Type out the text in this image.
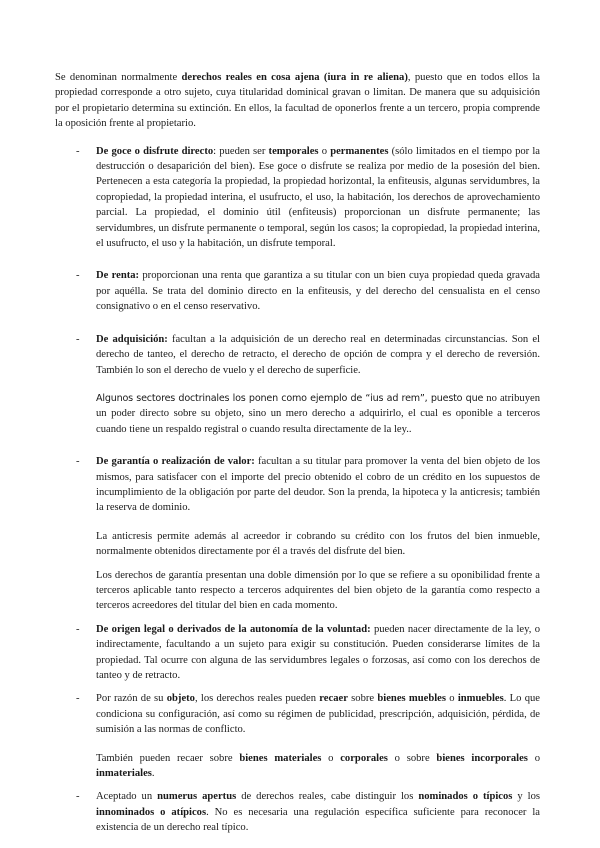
Se denominan normalmente derechos reales en cosa ajena (iura in re aliena), puesto que en todos ellos la propiedad corresponde a otro sujeto, cuya titularidad dominical gravan o limitan. De manera que su adquisición por el propietario determina su extinción. En ellos, la facultad de oponerlos frente a un tercero, propia comprende la oposición frente al propietario.

- De goce o disfrute directo: pueden ser temporales o permanentes (sólo limitados en el tiempo por la destrucción o desaparición del bien). Ese goce o disfrute se realiza por medio de la posesión del bien. Pertenecen a esta categoría la propiedad, la propiedad horizontal, la enfiteusis, algunas servidumbres, la copropiedad, la propiedad interina, el usufructo, el uso, la habitación, los derechos de aprovechamiento parcial. La propiedad, el dominio útil (enfiteusis) proporcionan un disfrute permanente; las servidumbres, un disfrute permanente o temporal, según los casos; la copropiedad, la propiedad interina, el usufructo, el uso y la habitación, un disfrute temporal.

- De renta: proporcionan una renta que garantiza a su titular con un bien cuya propiedad queda gravada por aquélla. Se trata del dominio directo en la enfiteusis, y del derecho del censualista en el censo consignativo o en el censo reservativo.

- De adquisición: facultan a la adquisición de un derecho real en determinadas circunstancias. Son el derecho de tanteo, el derecho de retracto, el derecho de opción de compra y el derecho de reversión. También lo son el derecho de vuelo y el derecho de superficie.

Algunos sectores doctrinales los ponen como ejemplo de “ius ad rem”, puesto que no atribuyen un poder directo sobre su objeto, sino un mero derecho a adquirirlo, el cual es oponible a terceros cuando tiene un respaldo registral o cuando resulta directamente de la ley..

- De garantía o realización de valor: facultan a su titular para promover la venta del bien objeto de los mismos, para satisfacer con el importe del precio obtenido el cobro de un crédito en los supuestos de incumplimiento de la obligación por parte del deudor. Son la prenda, la hipoteca y la anticresis; también la reserva de dominio.

La anticresis permite además al acreedor ir cobrando su crédito con los frutos del bien inmueble, normalmente obtenidos directamente por él a través del disfrute del bien.

Los derechos de garantía presentan una doble dimensión por lo que se refiere a su oponibilidad frente a terceros aplicable tanto respecto a terceros adquirentes del bien objeto de la garantía como respecto a terceros acreedores del titular del bien en cada momento.

- De origen legal o derivados de la autonomía de la voluntad: pueden nacer directamente de la ley, o indirectamente, facultando a un sujeto para exigir su constitución. Pueden considerarse límites de la propiedad. Tal ocurre con alguna de las servidumbres legales o forzosas, así como con los derechos de tanteo y de retracto.

- Por razón de su objeto, los derechos reales pueden recaer sobre bienes muebles o inmuebles. Lo que condiciona su configuración, así como su régimen de publicidad, prescripción, adquisición, pérdida, de sumisión a las normas de conflicto.

También pueden recaer sobre bienes materiales o corporales o sobre bienes incorporales o inmateriales.

- Aceptado un numerus apertus de derechos reales, cabe distinguir los nominados o típicos y los innominados o atípicos. No es necesaria una regulación específica suficiente para reconocer la existencia de un derecho real típico.
